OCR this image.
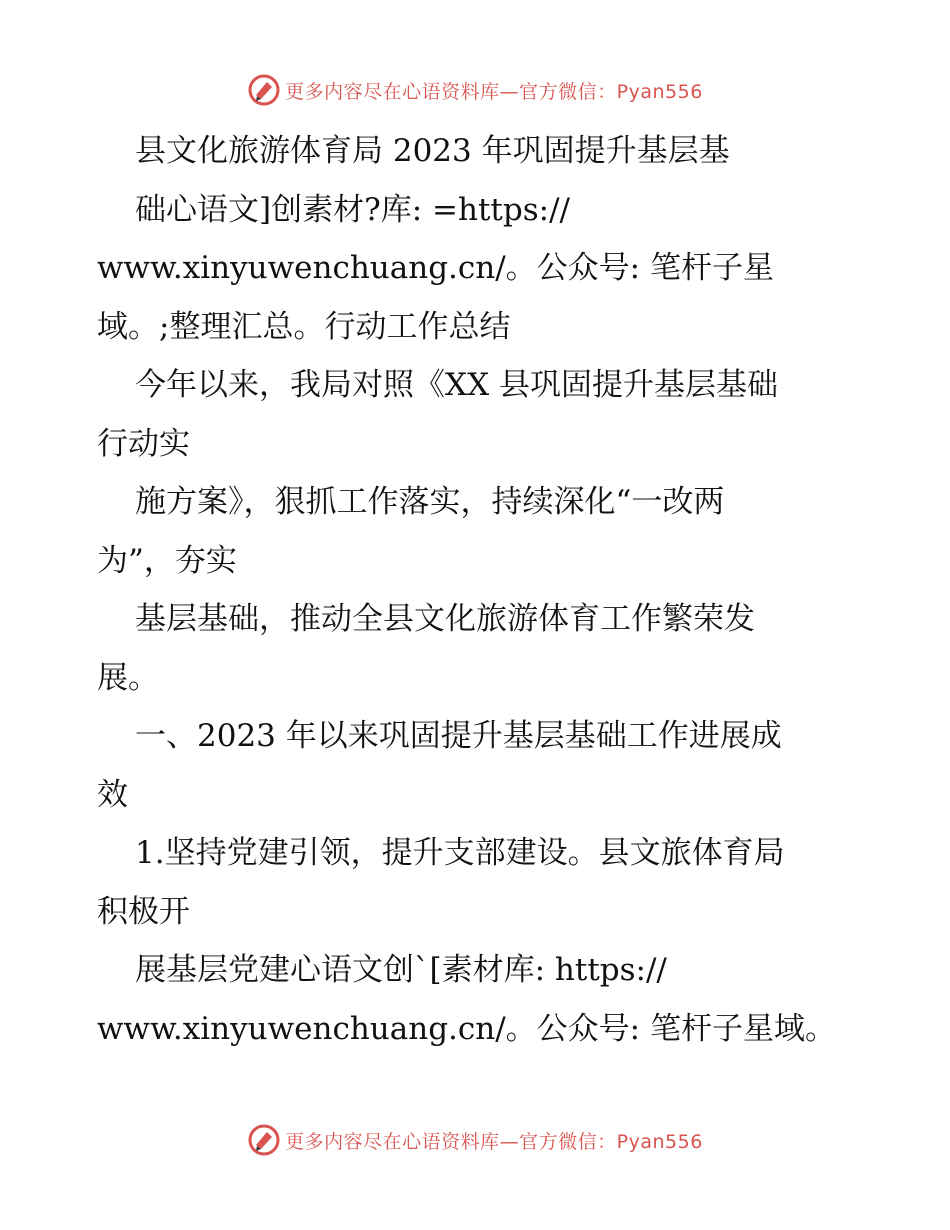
更多内容尽在心语资料库—官方微信：Pyan556
县文化旅游体育局 2023 年巩固提升基层基
础心语文]创素材?库: =https://
www.xinyuwenchuang.cn/。公众号: 笔杆子星
域。;整理汇总。行动工作总结
今年以来，我局对照《XX 县巩固提升基层基础
行动实
施方案》，狠抓工作落实，持续深化“一改两
为”，夯实
基层基础，推动全县文化旅游体育工作繁荣发
展。
一、2023 年以来巩固提升基层基础工作进展成
效
1.坚持党建引领，提升支部建设。县文旅体育局
积极开
展基层党建心语文创`[素材库: https://
www.xinyuwenchuang.cn/。公众号: 笔杆子星域。
更多内容尽在心语资料库—官方微信：Pyan556
